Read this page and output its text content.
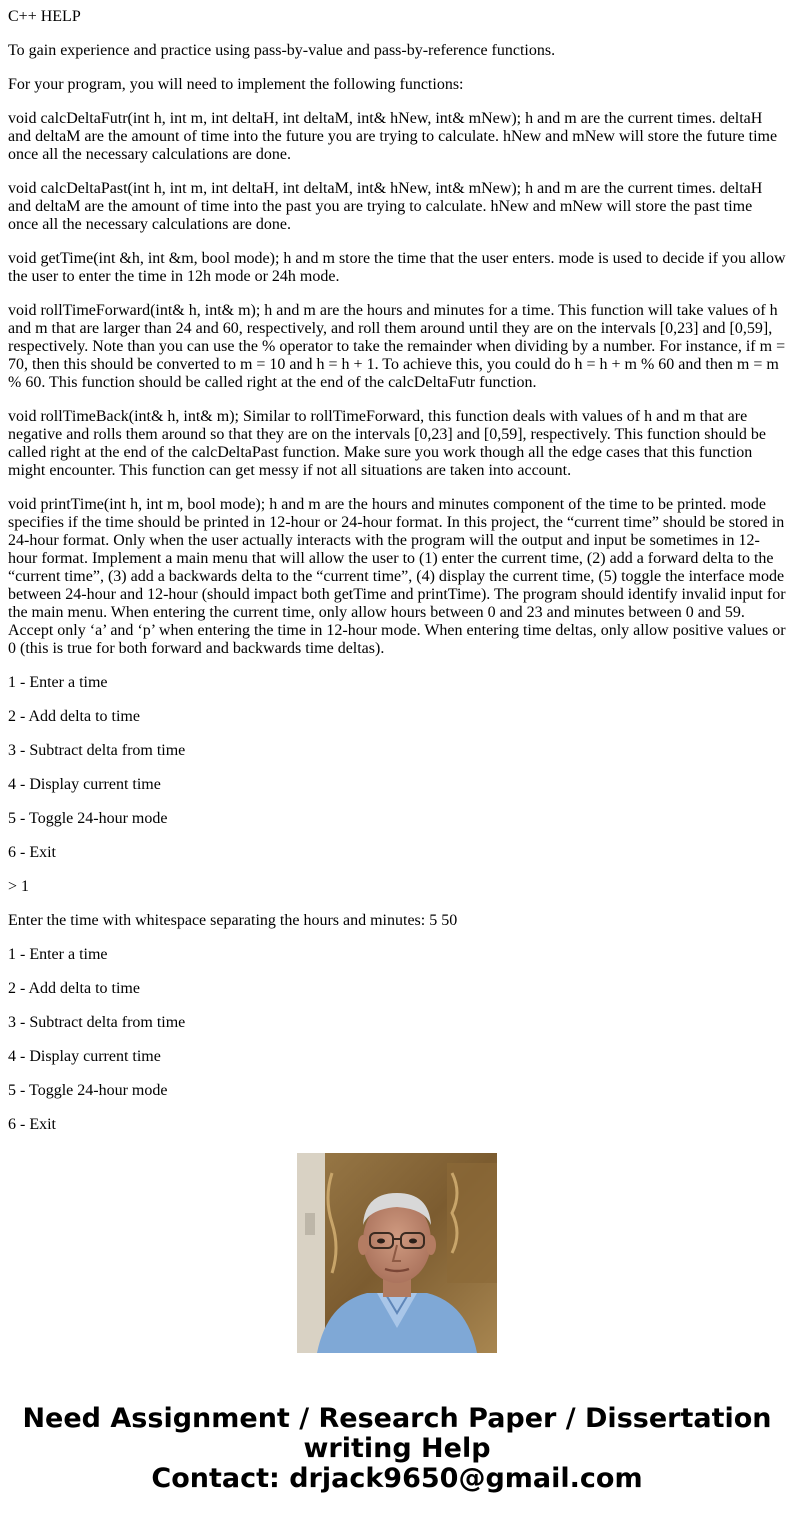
C++ HELP

To gain experience and practice using pass-by-value and pass-by-reference functions.

For your program, you will need to implement the following functions:

void calcDeltaFutr(int h, int m, int deltaH, int deltaM, int& hNew, int& mNew); h and m are the current times. deltaH and deltaM are the amount of time into the future you are trying to calculate. hNew and mNew will store the future time once all the necessary calculations are done.

void calcDeltaPast(int h, int m, int deltaH, int deltaM, int& hNew, int& mNew); h and m are the current times. deltaH and deltaM are the amount of time into the past you are trying to calculate. hNew and mNew will store the past time once all the necessary calculations are done.

void getTime(int &h, int &m, bool mode); h and m store the time that the user enters. mode is used to decide if you allow the user to enter the time in 12h mode or 24h mode.

void rollTimeForward(int& h, int& m); h and m are the hours and minutes for a time. This function will take values of h and m that are larger than 24 and 60, respectively, and roll them around until they are on the intervals [0,23] and [0,59], respectively. Note than you can use the % operator to take the remainder when dividing by a number. For instance, if m = 70, then this should be converted to m = 10 and h = h + 1. To achieve this, you could do h = h + m % 60 and then m = m % 60. This function should be called right at the end of the calcDeltaFutr function.

void rollTimeBack(int& h, int& m); Similar to rollTimeForward, this function deals with values of h and m that are negative and rolls them around so that they are on the intervals [0,23] and [0,59], respectively. This function should be called right at the end of the calcDeltaPast function. Make sure you work though all the edge cases that this function might encounter. This function can get messy if not all situations are taken into account.

void printTime(int h, int m, bool mode); h and m are the hours and minutes component of the time to be printed. mode specifies if the time should be printed in 12-hour or 24-hour format. In this project, the “current time” should be stored in 24-hour format. Only when the user actually interacts with the program will the output and input be sometimes in 12-hour format. Implement a main menu that will allow the user to (1) enter the current time, (2) add a forward delta to the “current time”, (3) add a backwards delta to the “current time”, (4) display the current time, (5) toggle the interface mode between 24-hour and 12-hour (should impact both getTime and printTime). The program should identify invalid input for the main menu. When entering the current time, only allow hours between 0 and 23 and minutes between 0 and 59. Accept only ‘a’ and ‘p’ when entering the time in 12-hour mode. When entering time deltas, only allow positive values or 0 (this is true for both forward and backwards time deltas).

1 - Enter a time

2 - Add delta to time

3 - Subtract delta from time

4 - Display current time

5 - Toggle 24-hour mode

6 - Exit

> 1

Enter the time with whitespace separating the hours and minutes: 5 50

1 - Enter a time

2 - Add delta to time

3 - Subtract delta from time

4 - Display current time

5 - Toggle 24-hour mode

6 - Exit

Need Assignment / Research Paper / Dissertation
writing Help
Contact: drjack9650@gmail.com
